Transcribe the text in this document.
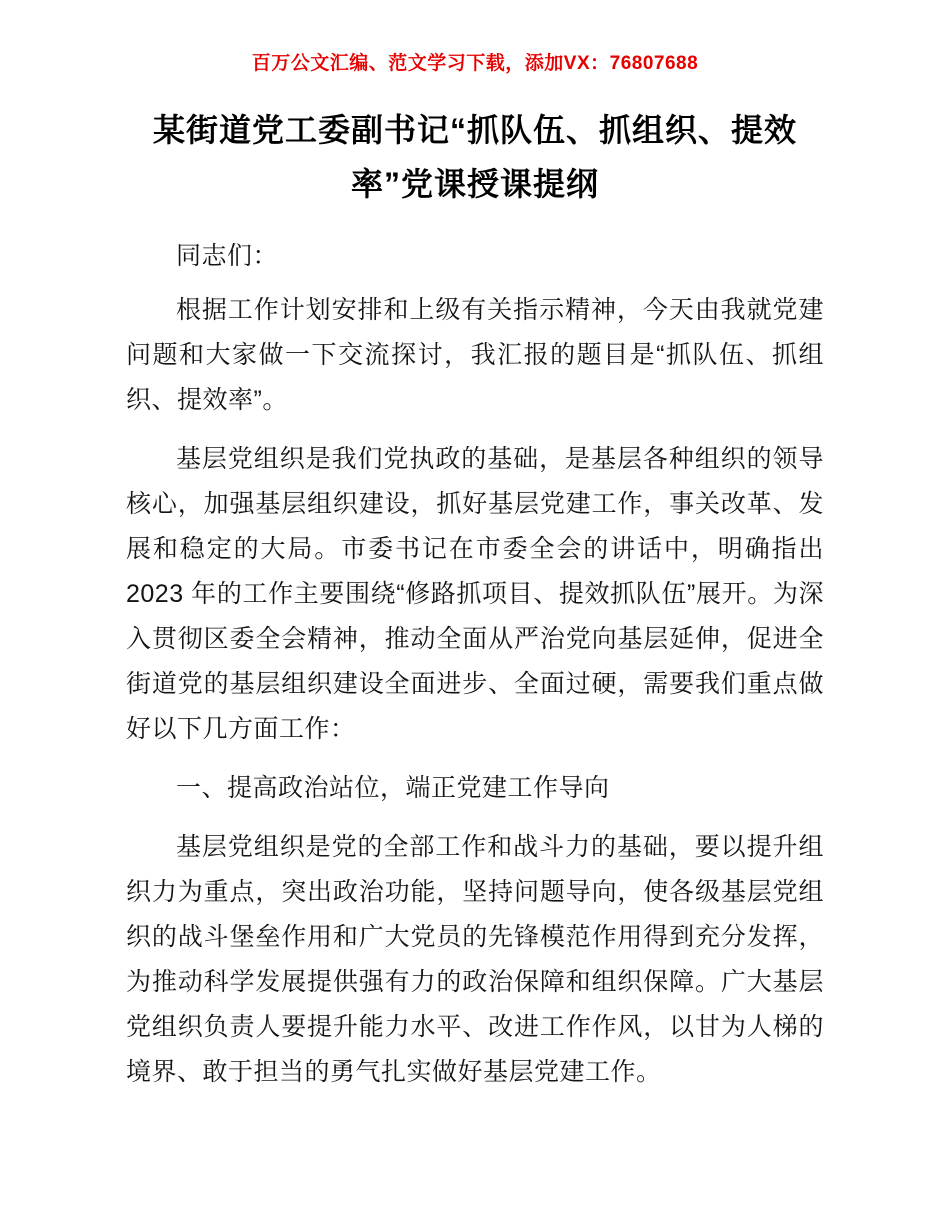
百万公文汇编、范文学习下载，添加VX：76807688
某街道党工委副书记“抓队伍、抓组织、提效率”党课授课提纲

同志们：

根据工作计划安排和上级有关指示精神，今天由我就党建问题和大家做一下交流探讨，我汇报的题目是“抓队伍、抓组织、提效率”。

基层党组织是我们党执政的基础，是基层各种组织的领导核心，加强基层组织建设，抓好基层党建工作，事关改革、发展和稳定的大局。市委书记在市委全会的讲话中，明确指出2023 年的工作主要围绕“修路抓项目、提效抓队伍”展开。为深入贯彻区委全会精神，推动全面从严治党向基层延伸，促进全街道党的基层组织建设全面进步、全面过硬，需要我们重点做好以下几方面工作：

一、提高政治站位，端正党建工作导向

基层党组织是党的全部工作和战斗力的基础，要以提升组织力为重点，突出政治功能，坚持问题导向，使各级基层党组织的战斗堡垒作用和广大党员的先锋模范作用得到充分发挥，为推动科学发展提供强有力的政治保障和组织保障。广大基层党组织负责人要提升能力水平、改进工作作风，以甘为人梯的境界、敢于担当的勇气扎实做好基层党建工作。
